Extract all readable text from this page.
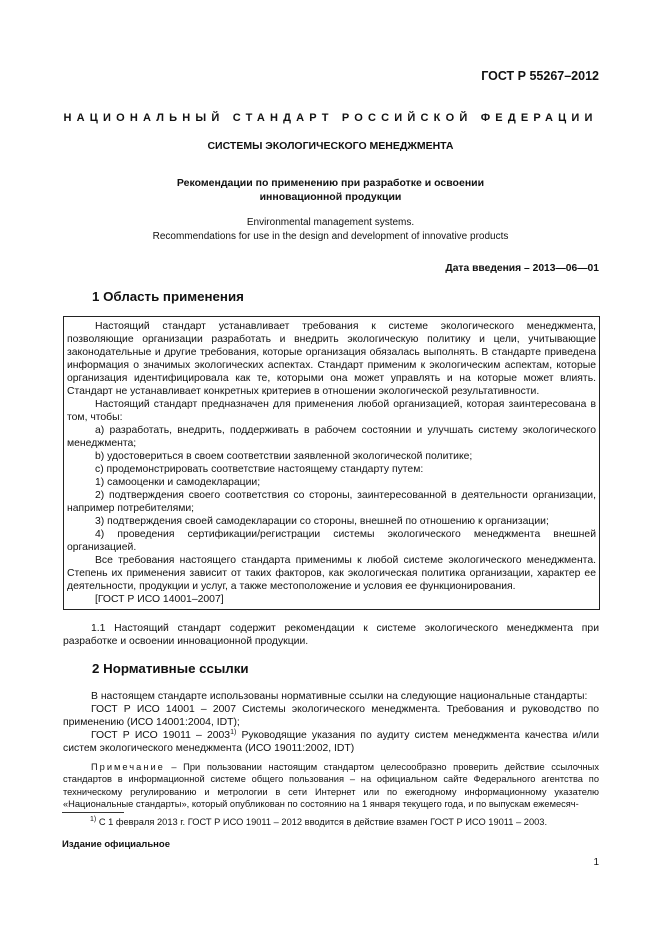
ГОСТ Р 55267–2012
НАЦИОНАЛЬНЫЙ СТАНДАРТ РОССИЙСКОЙ ФЕДЕРАЦИИ
СИСТЕМЫ ЭКОЛОГИЧЕСКОГО МЕНЕДЖМЕНТА
Рекомендации по применению при разработке и освоении
инновационной продукции
Environmental management systems.
Recommendations for use in the design and development of innovative products
Дата введения – 2013—06—01
1 Область применения

Настоящий стандарт устанавливает требования к системе экологического менеджмента, позволяющие организации разработать и внедрить экологическую политику и цели, учитывающие законодательные и другие требования, которые организация обязалась выполнять. В стандарте приведена информация о значимых экологических аспектах. Стандарт применим к экологическим аспектам, которые организация идентифицировала как те, которыми она может управлять и на которые может влиять. Стандарт не устанавливает конкретных критериев в отношении экологической результативности.

Настоящий стандарт предназначен для применения любой организацией, которая заинтересована в том, чтобы:

a) разработать, внедрить, поддерживать в рабочем состоянии и улучшать систему экологического менеджмента;

b) удостовериться в своем соответствии заявленной экологической политике;

c) продемонстрировать соответствие настоящему стандарту путем:

1) самооценки и самодекларации;

2) подтверждения своего соответствия со стороны, заинтересованной в деятельности организации, например потребителями;

3) подтверждения своей самодекларации со стороны, внешней по отношению к организации;

4) проведения сертификации/регистрации системы экологического менеджмента внешней организацией.

Все требования настоящего стандарта применимы к любой системе экологического менеджмента. Степень их применения зависит от таких факторов, как экологическая политика организации, характер ее деятельности, продукции и услуг, а также местоположение и условия ее функционирования.

[ГОСТ Р ИСО 14001–2007]

1.1 Настоящий стандарт содержит рекомендации к системе экологического менеджмента при разработке и освоении инновационной продукции.

2 Нормативные ссылки

В настоящем стандарте использованы нормативные ссылки на следующие национальные стандарты:

ГОСТ Р ИСО 14001 – 2007 Системы экологического менеджмента. Требования и руководство по применению (ИСО 14001:2004, IDT);

ГОСТ Р ИСО 19011 – 2003$^{1)}$ Руководящие указания по аудиту систем менеджмента качества и/или систем экологического менеджмента (ИСО 19011:2002, IDT)

Примечание – При пользовании настоящим стандартом целесообразно проверить действие ссылочных стандартов в информационной системе общего пользования – на официальном сайте Федерального агентства по техническому регулированию и метрологии в сети Интернет или по ежегодному информационному указателю «Национальные стандарты», который опубликован по состоянию на 1 января текущего года, и по выпускам ежемесяч-

$^{1)}$ С 1 февраля 2013 г. ГОСТ Р ИСО 19011 – 2012 вводится в действие взамен ГОСТ Р ИСО 19011 – 2003.
Издание официальное
1
